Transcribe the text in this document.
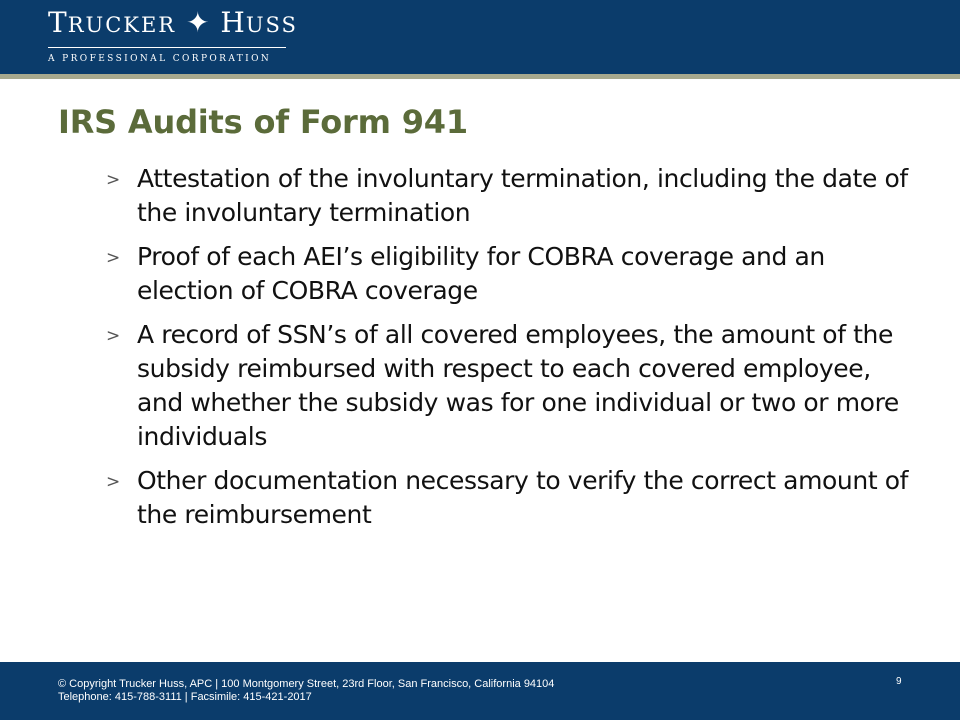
TRUCKER ✦ HUSS
A PROFESSIONAL CORPORATION
IRS Audits of Form 941
> Attestation of the involuntary termination, including the date of the involuntary termination
> Proof of each AEI’s eligibility for COBRA coverage and an election of COBRA coverage
> A record of SSN’s of all covered employees, the amount of the subsidy reimbursed with respect to each covered employee, and whether the subsidy was for one individual or two or more individuals
> Other documentation necessary to verify the correct amount of the reimbursement
© Copyright Trucker Huss, APC | 100 Montgomery Street, 23rd Floor, San Francisco, California 94104
Telephone: 415-788-3111 | Facsimile: 415-421-2017
9
